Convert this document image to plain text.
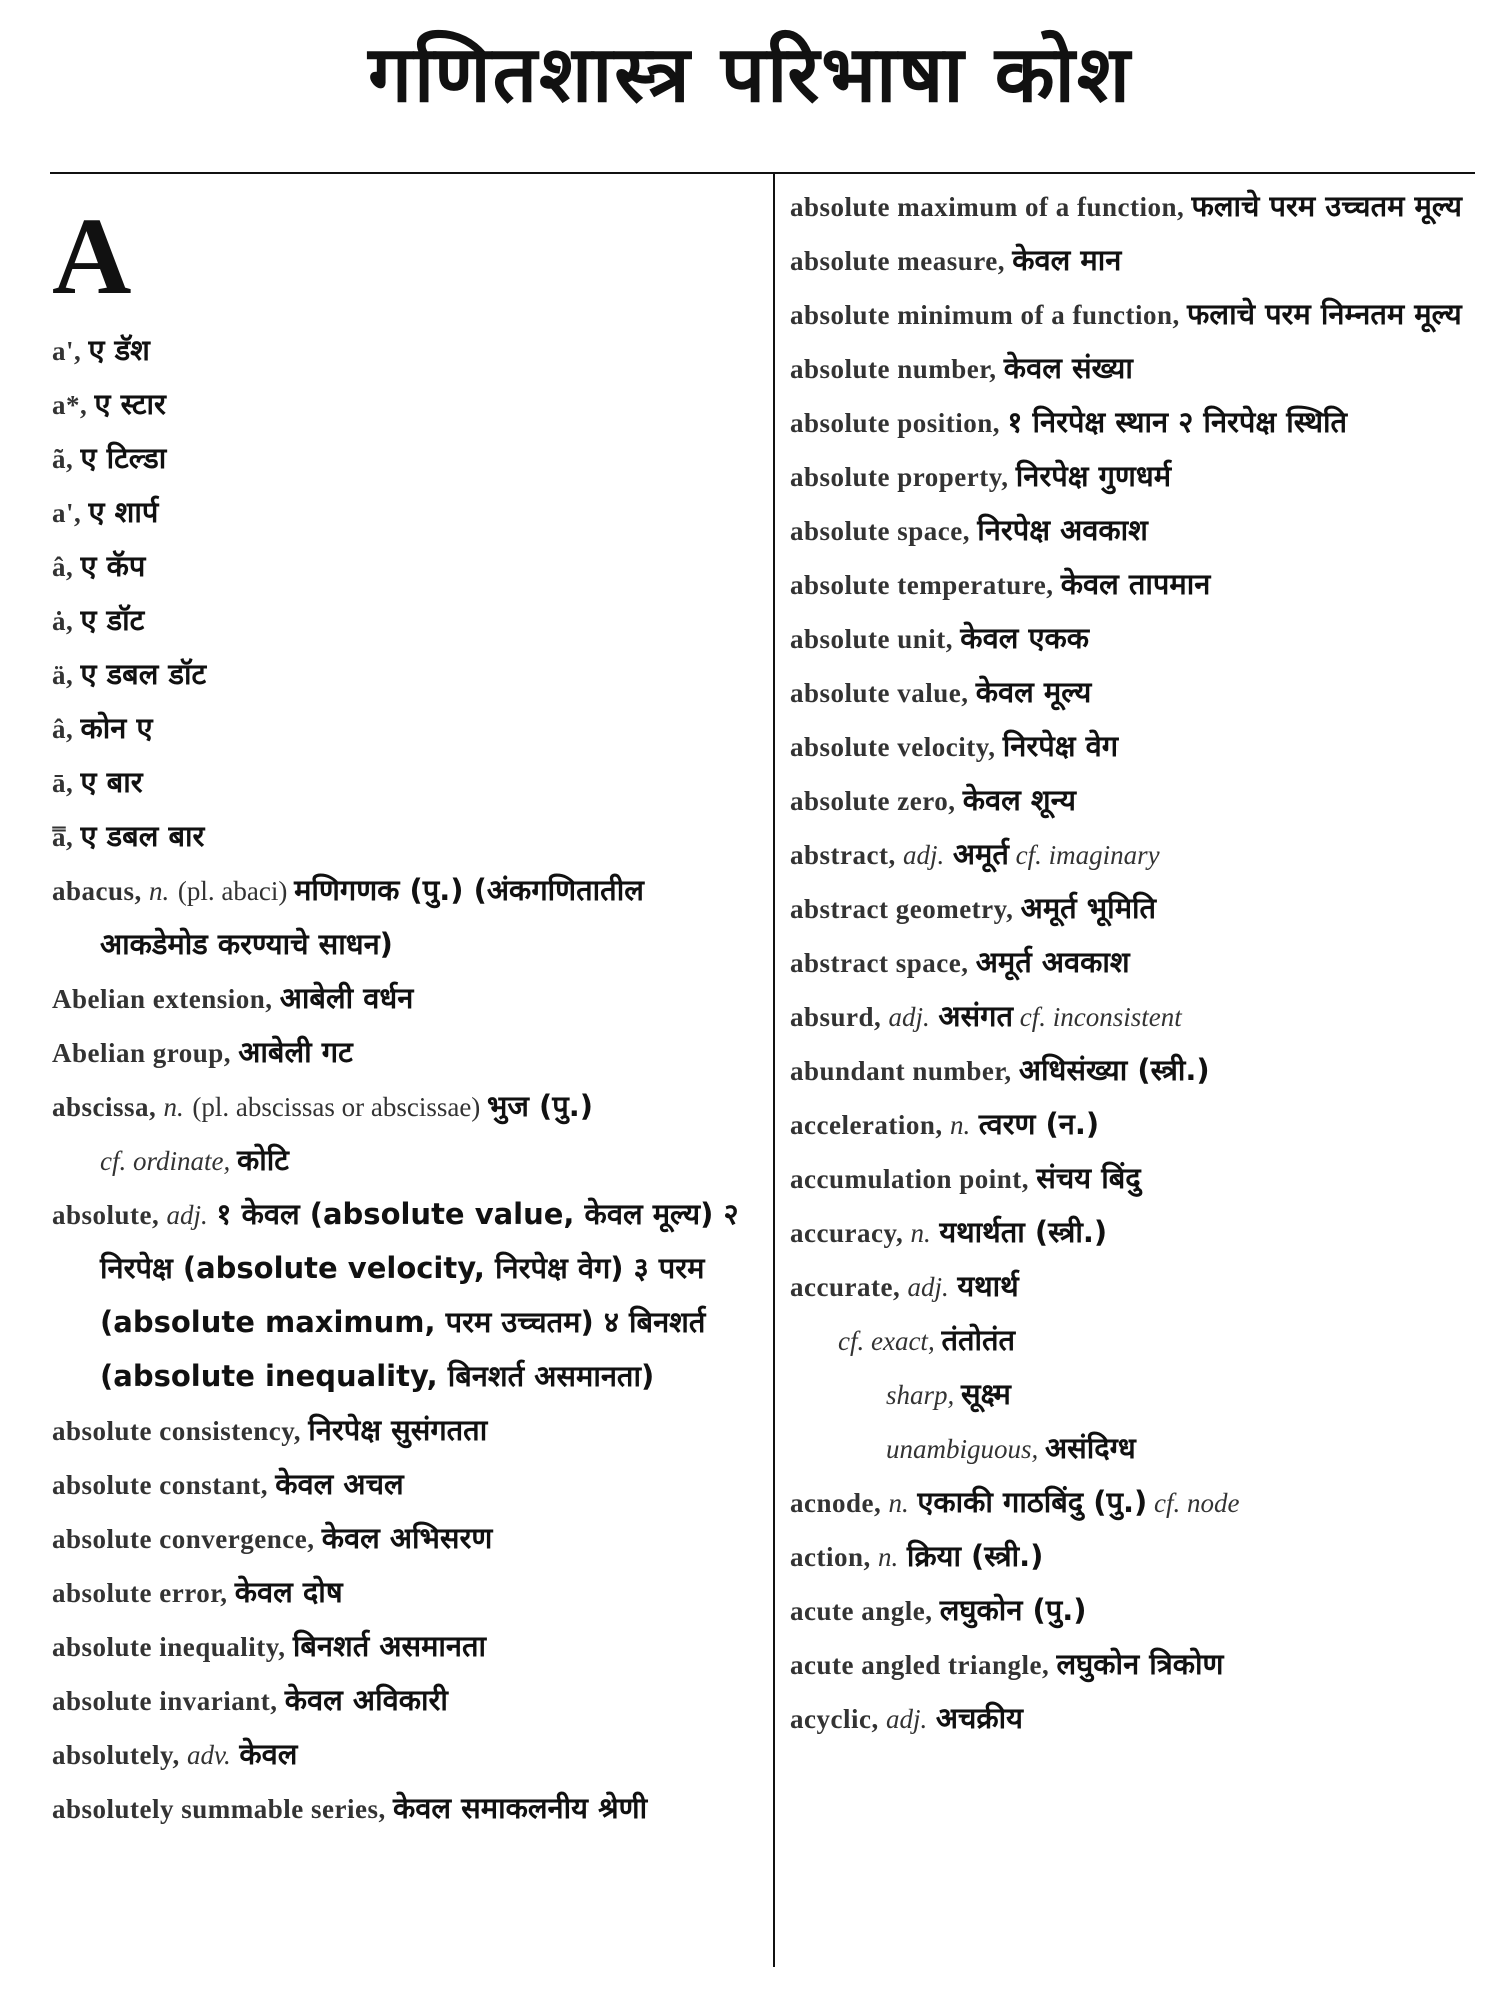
गणितशास्त्र परिभाषा कोश
A
a', ए डॅश
a*, ए स्टार
ã, ए टिल्डा
a', ए शार्प
â, ए कॅप
ȧ, ए डॉट
ä, ए डबल डॉट
â, कोन ए
ā, ए बार
a̿, ए डबल बार
abacus, n. (pl. abaci) मणिगणक (पु.) (अंकगणितातील आकडेमोड करण्याचे साधन)
Abelian extension, आबेली वर्धन
Abelian group, आबेली गट
abscissa, n. (pl. abscissas or abscissae) भुज (पु.)
cf. ordinate, कोटि
absolute, adj. १ केवल (absolute value, केवल मूल्य) २ निरपेक्ष (absolute velocity, निरपेक्ष वेग) ३ परम (absolute maximum, परम उच्चतम) ४ बिनशर्त (absolute inequality, बिनशर्त असमानता)
absolute consistency, निरपेक्ष सुसंगतता
absolute constant, केवल अचल
absolute convergence, केवल अभिसरण
absolute error, केवल दोष
absolute inequality, बिनशर्त असमानता
absolute invariant, केवल अविकारी
absolutely, adv. केवल
absolutely summable series, केवल समाकलनीय श्रेणी
absolute maximum of a function, फलाचे परम उच्चतम मूल्य
absolute measure, केवल मान
absolute minimum of a function, फलाचे परम निम्नतम मूल्य
absolute number, केवल संख्या
absolute position, १ निरपेक्ष स्थान २ निरपेक्ष स्थिति
absolute property, निरपेक्ष गुणधर्म
absolute space, निरपेक्ष अवकाश
absolute temperature, केवल तापमान
absolute unit, केवल एकक
absolute value, केवल मूल्य
absolute velocity, निरपेक्ष वेग
absolute zero, केवल शून्य
abstract, adj. अमूर्त cf. imaginary
abstract geometry, अमूर्त भूमिति
abstract space, अमूर्त अवकाश
absurd, adj. असंगत cf. inconsistent
abundant number, अधिसंख्या (स्त्री.)
acceleration, n. त्वरण (न.)
accumulation point, संचय बिंदु
accuracy, n. यथार्थता (स्त्री.)
accurate, adj. यथार्थ
cf. exact, तंतोतंत
sharp, सूक्ष्म
unambiguous, असंदिग्ध
acnode, n. एकाकी गाठबिंदु (पु.) cf. node
action, n. क्रिया (स्त्री.)
acute angle, लघुकोन (पु.)
acute angled triangle, लघुकोन त्रिकोण
acyclic, adj. अचक्रीय
